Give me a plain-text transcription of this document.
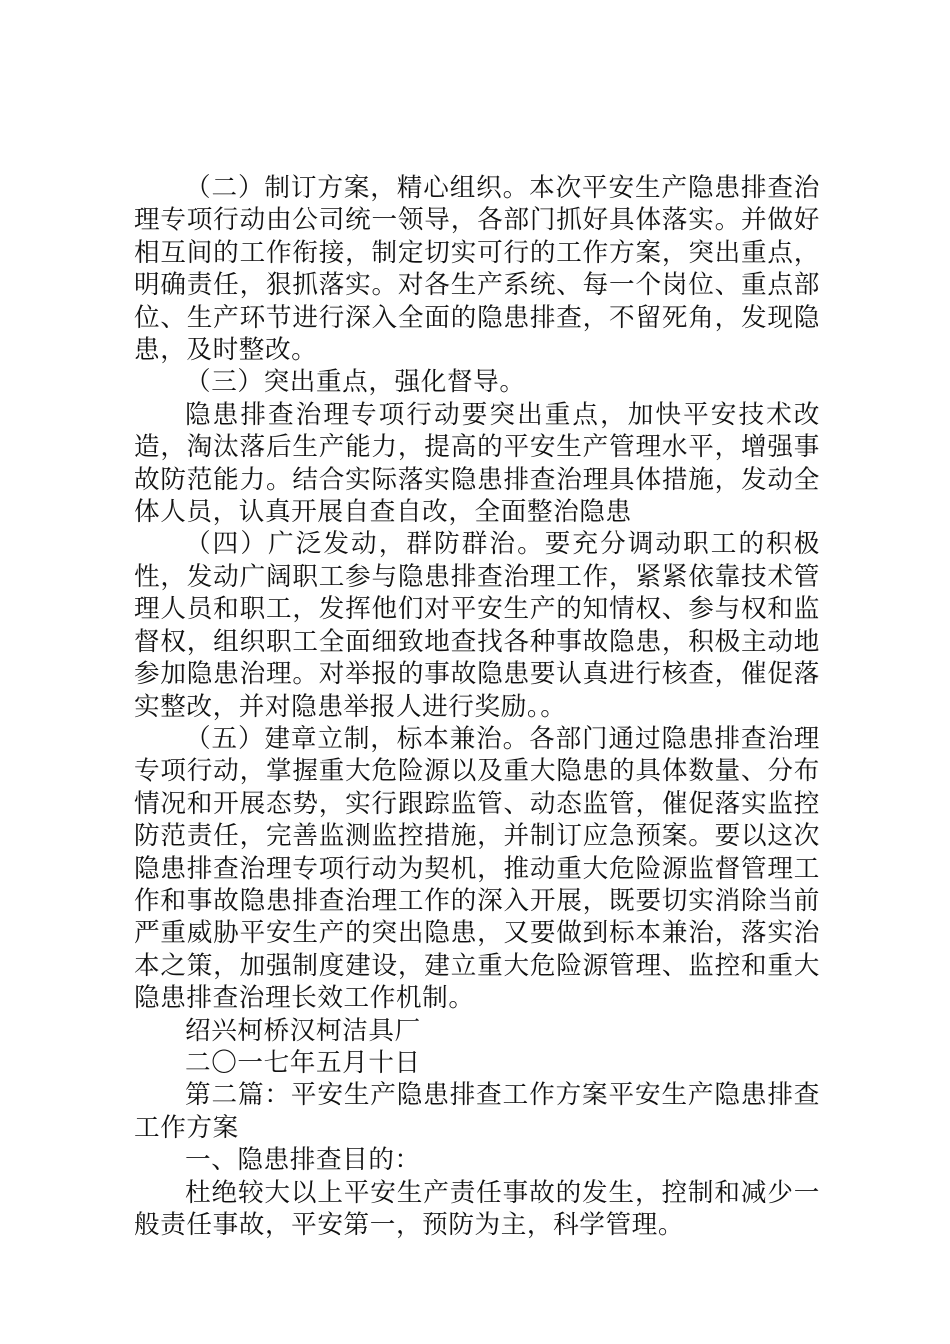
（二）制订方案，精心组织。本次平安生产隐患排查治理专项行动由公司统一领导，各部门抓好具体落实。并做好相互间的工作衔接，制定切实可行的工作方案，突出重点，明确责任，狠抓落实。对各生产系统、每一个岗位、重点部位、生产环节进行深入全面的隐患排查，不留死角，发现隐患，及时整改。

（三）突出重点，强化督导。

隐患排查治理专项行动要突出重点，加快平安技术改造，淘汰落后生产能力，提高的平安生产管理水平，增强事故防范能力。结合实际落实隐患排查治理具体措施，发动全体人员，认真开展自查自改，全面整治隐患

（四）广泛发动，群防群治。要充分调动职工的积极性，发动广阔职工参与隐患排查治理工作，紧紧依靠技术管理人员和职工，发挥他们对平安生产的知情权、参与权和监督权，组织职工全面细致地查找各种事故隐患，积极主动地参加隐患治理。对举报的事故隐患要认真进行核查，催促落实整改，并对隐患举报人进行奖励。。

（五）建章立制，标本兼治。各部门通过隐患排查治理专项行动，掌握重大危险源以及重大隐患的具体数量、分布情况和开展态势，实行跟踪监管、动态监管，催促落实监控防范责任，完善监测监控措施，并制订应急预案。要以这次隐患排查治理专项行动为契机，推动重大危险源监督管理工作和事故隐患排查治理工作的深入开展，既要切实消除当前严重威胁平安生产的突出隐患，又要做到标本兼治，落实治本之策，加强制度建设，建立重大危险源管理、监控和重大隐患排查治理长效工作机制。

绍兴柯桥汉柯洁具厂

二〇一七年五月十日

第二篇：平安生产隐患排查工作方案平安生产隐患排查工作方案

一、隐患排查目的：

杜绝较大以上平安生产责任事故的发生，控制和减少一般责任事故，平安第一，预防为主，科学管理。
